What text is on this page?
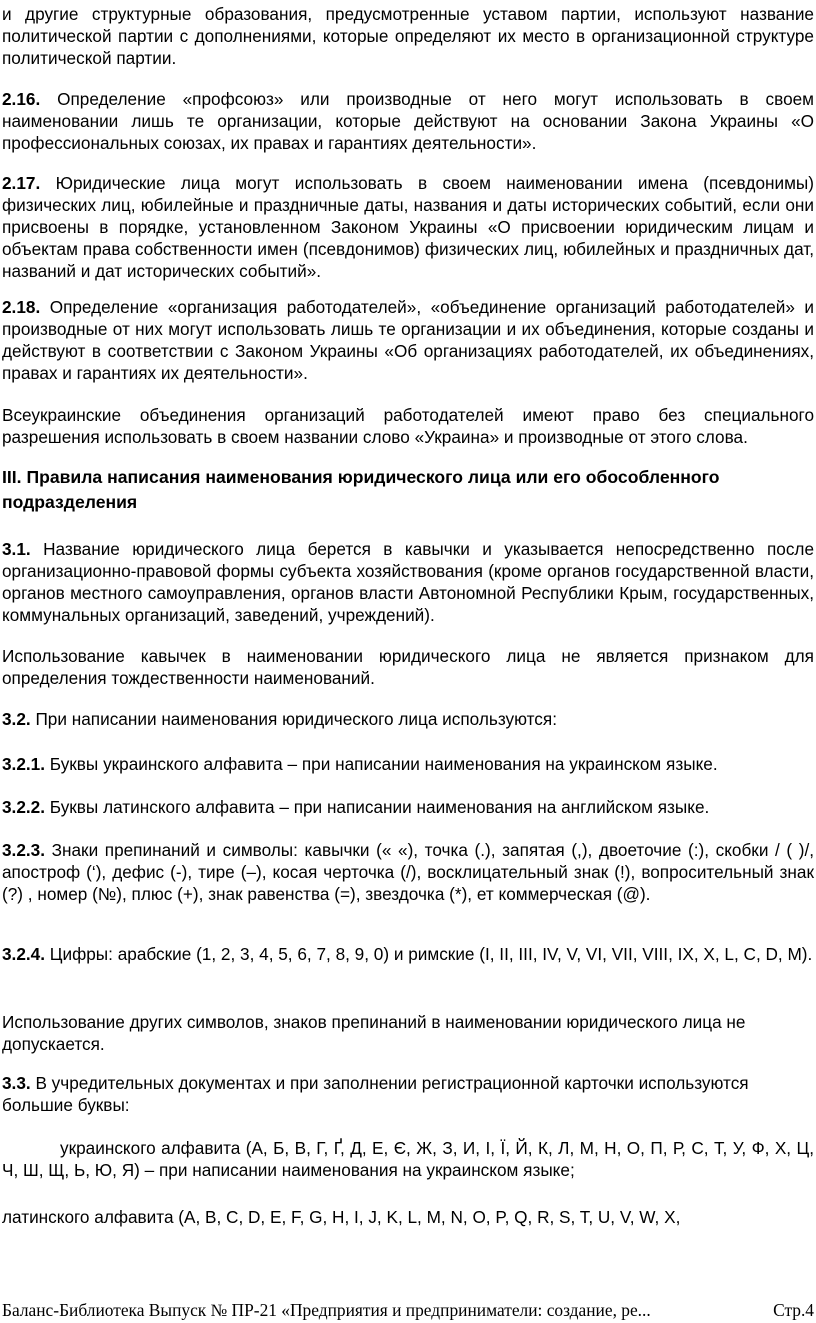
и другие структурные образования, предусмотренные уставом партии, используют название политической партии с дополнениями, которые определяют их место в организационной структуре политической партии.
2.16. Определение «профсоюз» или производные от него могут использовать в своем наименовании лишь те организации, которые действуют на основании Закона Украины «О профессиональных союзах, их правах и гарантиях деятельности».
2.17. Юридические лица могут использовать в своем наименовании имена (псевдонимы) физических лиц, юбилейные и праздничные даты, названия и даты исторических событий, если они присвоены в порядке, установленном Законом Украины «О присвоении юридическим лицам и объектам права собственности имен (псевдонимов) физических лиц, юбилейных и праздничных дат, названий и дат исторических событий».
2.18. Определение «организация работодателей», «объединение организаций работодателей» и производные от них могут использовать лишь те организации и их объединения, которые созданы и действуют в соответствии с Законом Украины «Об организациях работодателей, их объединениях, правах и гарантиях их деятельности».
Всеукраинские объединения организаций работодателей имеют право без специального разрешения использовать в своем названии слово «Украина» и производные от этого слова.
III. Правила написания наименования юридического лица или его обособленного подразделения
3.1. Название юридического лица берется в кавычки и указывается непосредственно после организационно-правовой формы субъекта хозяйствования (кроме органов государственной власти, органов местного самоуправления, органов власти Автономной Республики Крым, государственных, коммунальных организаций, заведений, учреждений).
Использование кавычек в наименовании юридического лица не является признаком для определения тождественности наименований.
3.2. При написании наименования юридического лица используются:
3.2.1. Буквы украинского алфавита – при написании наименования на украинском языке.
3.2.2. Буквы латинского алфавита – при написании наименования на английском языке.
3.2.3. Знаки препинаний и символы: кавычки (« «), точка (.), запятая (,), двоеточие (:), скобки / ( )/, апостроф (‘), дефис (-), тире (–), косая черточка (/), восклицательный знак (!), вопросительный знак (?) , номер (№), плюс (+), знак равенства (=), звездочка (*), ет коммерческая (@).
3.2.4. Цифры: арабские (1, 2, 3, 4, 5, 6, 7, 8, 9, 0) и римские (I, II, III, IV, V, VI, VII, VIII, IX, X, L, C, D, M).
Использование других символов, знаков препинаний в наименовании юридического лица не допускается.
3.3. В учредительных документах и при заполнении регистрационной карточки используются большие буквы:
украинского алфавита (А, Б, В, Г, Ґ, Д, Е, Є, Ж, З, И, І, Ї, Й, К, Л, М, Н, О, П, Р, С, Т, У, Ф, Х, Ц, Ч, Ш, Щ, Ь, Ю, Я) – при написании наименования на украинском языке;
латинского алфавита (A, B, C, D, E, F, G, H, I, J, K, L, M, N, O, P, Q, R, S, T, U, V, W, X,
Баланс-Библиотека Выпуск № ПР-21 «Предприятия и предприниматели: создание, ре...	Стр.4
